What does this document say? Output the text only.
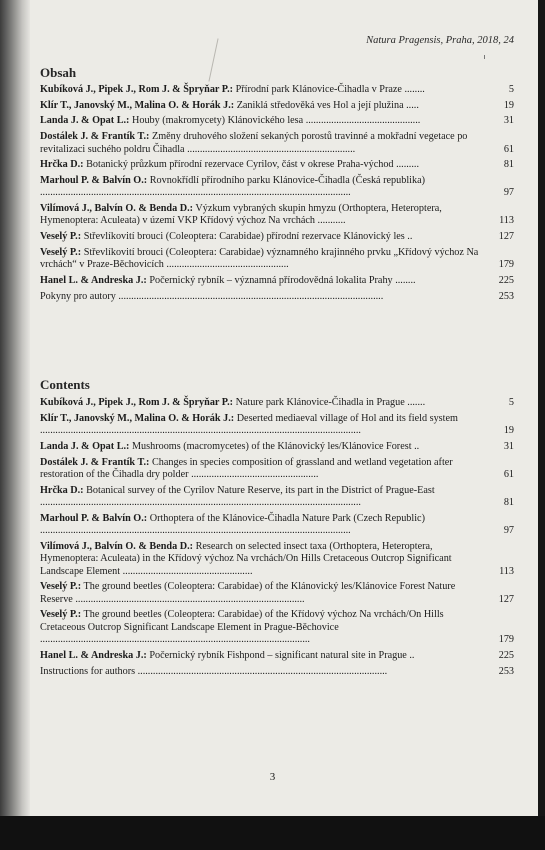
Natura Pragensis, Praha, 2018, 24
Obsah
Kubíková J., Pipek J., Rom J. & Špryňar P.: Přírodní park Klánovice-Čihadla v Praze ........	5
Klír T., Janovský M., Malina O. & Horák J.: Zaniklá středověká ves Hol a její plužina .....	19
Landa J. & Opat L.: Houby (makromycety) Klánovického lesa .............................................	31
Dostálek J. & Frantík T.: Změny druhového složení sekaných porostů travinné a mokřadní vegetace po revitalizaci suchého poldru Čihadla ..................................................................	61
Hrčka D.: Botanický průzkum přírodní rezervace Cyrilov, část v okrese Praha-východ .........	81
Marhoul P. & Balvín O.: Rovnokřídlí přírodního parku Klánovice-Čihadla (Česká republika) ..........................................................................................................................	97
Vilímová J., Balvín O. & Benda D.: Výzkum vybraných skupin hmyzu (Orthoptera, Heteroptera, Hymenoptera: Aculeata) v území VKP Křídový výchoz Na vrchách ...........	113
Veselý P.: Střevlíkovití brouci (Coleoptera: Carabidae) přírodní rezervace Klánovický les ..	127
Veselý P.: Střevlíkovití brouci (Coleoptera: Carabidae) významného krajinného prvku „Křídový výchoz Na vrchách“ v Praze-Běchovicích ................................................	179
Hanel L. & Andreska J.: Počernický rybník – významná přírodovědná lokalita Prahy ........	225
Pokyny pro autory ........................................................................................................	253
Contents
Kubíková J., Pipek J., Rom J. & Špryňar P.: Nature park Klánovice-Čihadla in Prague .......	5
Klír T., Janovský M., Malina O. & Horák J.: Deserted mediaeval village of Hol and its field system ..............................................................................................................................	19
Landa J. & Opat L.: Mushrooms (macromycetes) of the Klánovický les/Klánovice Forest ..	31
Dostálek J. & Frantík T.: Changes in species composition of grassland and wetland vegetation after restoration of the Čihadla dry polder ..................................................	61
Hrčka D.: Botanical survey of the Cyrilov Nature Reserve, its part in the District of Prague-East ..............................................................................................................................	81
Marhoul P. & Balvín O.: Orthoptera of the Klánovice-Čihadla Nature Park (Czech Republic) ..........................................................................................................................	97
Vilímová J., Balvín O. & Benda D.: Research on selected insect taxa (Orthoptera, Heteroptera, Hymenoptera: Aculeata) in the Křídový výchoz Na vrchách/On Hills Cretaceous Outcrop Significant Landscape Element ...................................................	113
Veselý P.: The ground beetles (Coleoptera: Carabidae) of the Klánovický les/Klánovice Forest Nature Reserve ..........................................................................................	127
Veselý P.: The ground beetles (Coleoptera: Carabidae) of the Křídový výchoz Na vrchách/On Hills Cretaceous Outcrop Significant Landscape Element in Prague-Běchovice ..........................................................................................................	179
Hanel L. & Andreska J.: Počernický rybník Fishpond – significant natural site in Prague ..	225
Instructions for authors ..................................................................................................	253
3
